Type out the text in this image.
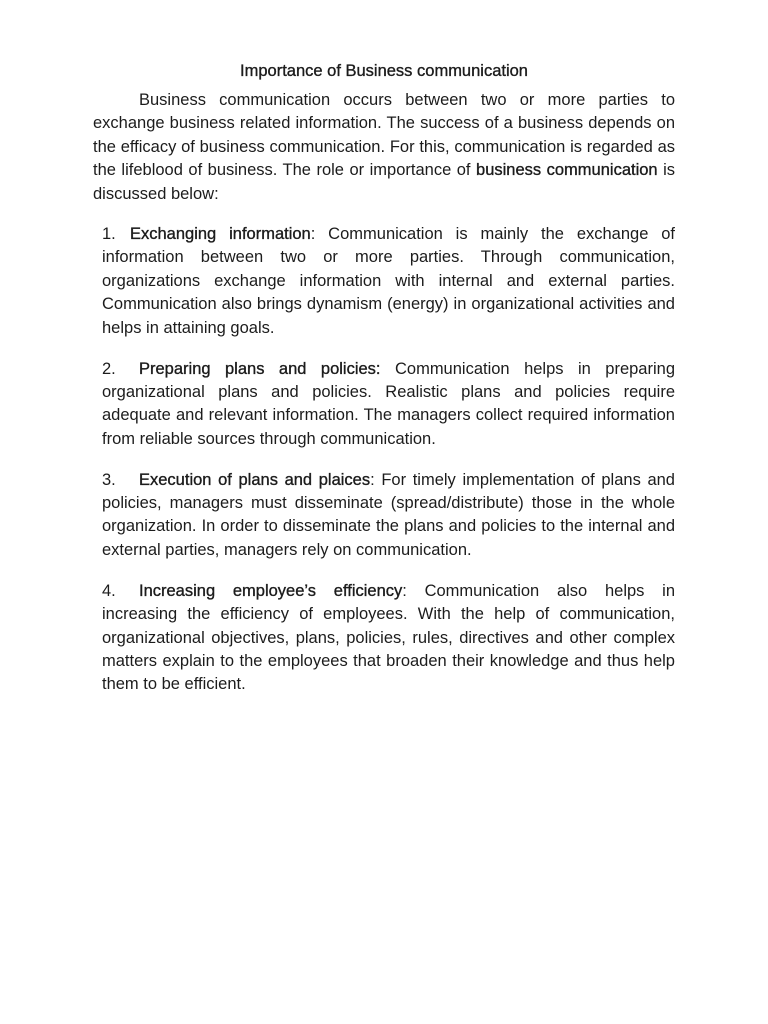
Importance of Business communication

Business communication occurs between two or more parties to exchange business related information. The success of a business depends on the efficacy of business communication. For this, communication is regarded as the lifeblood of business. The role or importance of business communication is discussed below:

1. Exchanging information: Communication is mainly the exchange of information between two or more parties. Through communication, organizations exchange information with internal and external parties. Communication also brings dynamism (energy) in organizational activities and helps in attaining goals.

2. Preparing plans and policies: Communication helps in preparing organizational plans and policies. Realistic plans and policies require adequate and relevant information. The managers collect required information from reliable sources through communication.

3. Execution of plans and plaices: For timely implementation of plans and policies, managers must disseminate (spread/distribute) those in the whole organization. In order to disseminate the plans and policies to the internal and external parties, managers rely on communication.

4. Increasing employee’s efficiency: Communication also helps in increasing the efficiency of employees. With the help of communication, organizational objectives, plans, policies, rules, directives and other complex matters explain to the employees that broaden their knowledge and thus help them to be efficient.
